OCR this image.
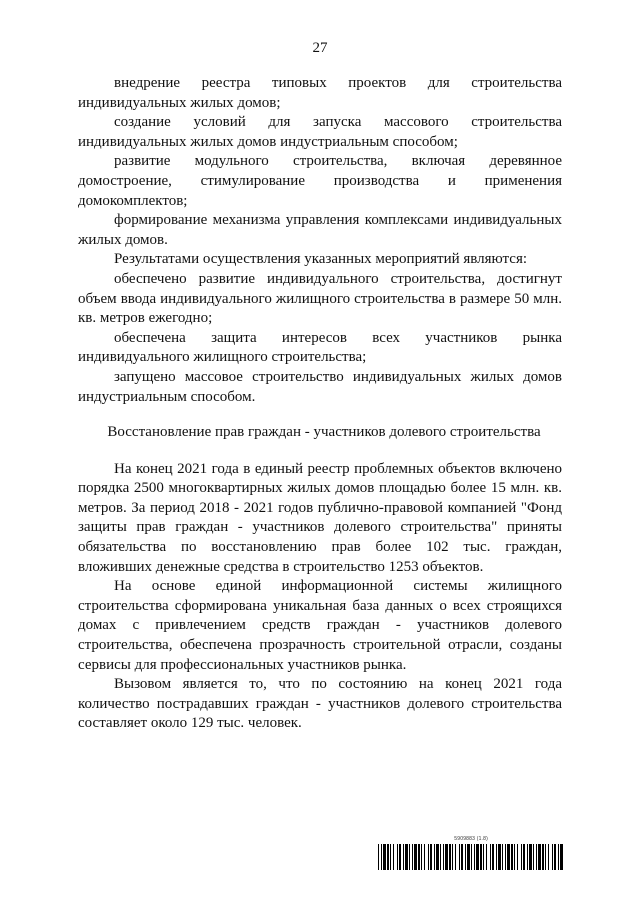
27

внедрение реестра типовых проектов для строительства индивидуальных жилых домов;

создание условий для запуска массового строительства индивидуальных жилых домов индустриальным способом;

развитие модульного строительства, включая деревянное домостроение, стимулирование производства и применения домокомплектов;

формирование механизма управления комплексами индивидуальных жилых домов.

Результатами осуществления указанных мероприятий являются:

обеспечено развитие индивидуального строительства, достигнут объем ввода индивидуального жилищного строительства в размере 50 млн. кв. метров ежегодно;

обеспечена защита интересов всех участников рынка индивидуального жилищного строительства;

запущено массовое строительство индивидуальных жилых домов индустриальным способом.

Восстановление прав граждан - участников долевого строительства

На конец 2021 года в единый реестр проблемных объектов включено порядка 2500 многоквартирных жилых домов площадью более 15 млн. кв. метров. За период 2018 - 2021 годов публично-правовой компанией "Фонд защиты прав граждан - участников долевого строительства" приняты обязательства по восстановлению прав более 102 тыс. граждан, вложивших денежные средства в строительство 1253 объектов.

На основе единой информационной системы жилищного строительства сформирована уникальная база данных о всех строящихся домах с привлечением средств граждан - участников долевого строительства, обеспечена прозрачность строительной отрасли, созданы сервисы для профессиональных участников рынка.

Вызовом является то, что по состоянию на конец 2021 года количество пострадавших граждан - участников долевого строительства составляет около 129 тыс. человек.

5909883 (1.8)
